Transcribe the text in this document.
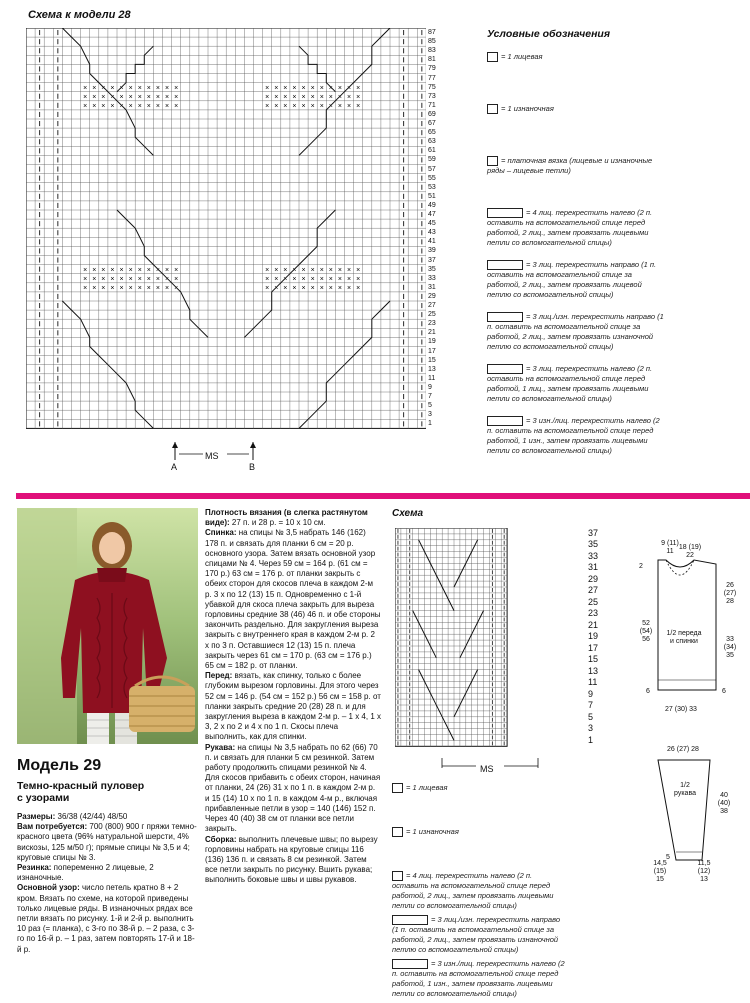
Схема к модели 28
× × × × × × × × × × ×
× × × × × × × × × × ×
× × × × × × × × × × ×
× × × × × × × × × × ×
× × × × × × × × × × ×
× × × × × × × × × × ×
× × × × × × × × × × ×
× × × × × × × × × × ×
× × × × × × × × × × ×
× × × × × × × × × × ×
× × × × × × × × × × ×
× × × × × × × × × × ×
1
3
5
7
9
11
13
15
17
19
21
23
25
27
29
31
33
35
37
39
41
43
45
47
49
51
53
55
57
59
61
63
65
67
69
71
73
75
77
79
81
83
85
87
MS
A	B
Условные обозначения
= 1 лицевая
= 1 изнаночная
= платочная вязка (лицевые и изнаночные ряды – лицевые петли)
= 4 лиц. перекрестить налево (2 п. оставить на вспомогательной спице перед работой, 2 лиц., затем провязать лицевыми петли со вспомогательной спицы)
= 3 лиц. перекрестить направо (1 п. оставить на вспомогательной спице за работой, 2 лиц., затем провязать лицевой петлю со вспомогательной спицы)
= 3 лиц./изн. перекрестить направо (1 п. оставить на вспомогательной спице за работой, 2 лиц., затем провязать изнаночной петлю со вспомогательной спицы)
= 3 лиц. перекрестить налево (2 п. оставить на вспомогательной спице перед работой, 1 лиц., затем провязать лицевыми петли со вспомогательной спицы)
= 3 изн./лиц. перекрестить налево (2 п. оставить на вспомогательной спице перед работой, 1 изн., затем провязать лицевыми петли со вспомогательной спицы)
Модель 29
Темно-красный пуловер
с узорами
Размеры: 36/38 (42/44) 48/50
Вам потребуется: 700 (800) 900 г пряжи темно-красного цвета (96% натуральной шерсти, 4% вискозы, 125 м/50 г); прямые спицы № 3,5 и 4; круговые спицы № 3.
Резинка: попеременно 2 лицевые, 2 изнаночные.
Основной узор: число петель кратно 8 + 2 кром. Вязать по схеме, на которой приведены только лицевые ряды. В изнаночных рядах все петли вязать по рисунку. 1-й и 2-й р. выполнить 10 раз (= планка), с 3-го по 38-й р. – 2 раза, с 3-го по 16-й р. – 1 раз, затем повторять 17-й и 18-й р.
Плотность вязания (в слегка растянутом виде): 27 п. и 28 р. = 10 х 10 см.
Спинка: на спицы № 3,5 набрать 146 (162) 178 п. и связать для планки 6 см = 20 р. основного узора. Затем вязать основной узор спицами № 4. Через 59 см = 164 р. (61 см = 170 р.) 63 см = 176 р. от планки закрыть с обеих сторон для скосов плеча в каждом 2-м р. 3 х по 12 (13) 15 п. Одновременно с 1-й убавкой для скоса плеча закрыть для выреза горловины средние 38 (46) 46 п. и обе стороны закончить раздельно. Для закругления выреза закрыть с внутреннего края в каждом 2-м р. 2 х по 3 п. Оставшиеся 12 (13) 15 п. плеча закрыть через 61 см = 170 р. (63 см = 176 р.) 65 см = 182 р. от планки.
Перед: вязать, как спинку, только с более глубоким вырезом горловины. Для этого через 52 см = 146 р. (54 см = 152 р.) 56 см = 158 р. от планки закрыть средние 20 (28) 28 п. и для закругления выреза в каждом 2-м р. – 1 х 4, 1 х 3, 2 х по 2 и 4 х по 1 п. Скосы плеча выполнить, как для спинки.
Рукава: на спицы № 3,5 набрать по 62 (66) 70 п. и связать для планки 5 см резинкой. Затем работу продолжить спицами резинкой № 4. Для скосов прибавить с обеих сторон, начиная от планки, 24 (26) 31 х по 1 п. в каждом 2-м р. и 15 (14) 10 х по 1 п. в каждом 4-м р., включая прибавленные петли в узор = 140 (146) 152 п. Через 40 (40) 38 см от планки все петли закрыть.
Сборка: выполнить плечевые швы; по вырезу горловины набрать на круговые спицы 116 (136) 136 п. и связать 8 см резинкой. Затем все петли закрыть по рисунку. Вшить рукава; выполнить боковые швы и швы рукавов.
Схема
1
3
5
7
9
11
13
15
17
19
21
23
25
27
29
31
33
35
37
MS
= 1 лицевая
= 1 изнаночная
= 4 лиц. перекрестить налево (2 п. оставить на вспомогательной спице перед работой, 2 лиц., затем провязать лицевыми петли со вспомогательной спицы)
= 3 лиц./изн. перекрестить направо (1 п. оставить на вспомогательной спице за работой, 2 лиц., затем провязать изнаночной петлю со вспомогательной спицы)
= 3 изн./лиц. перекрестить налево (2 п. оставить на вспомогательной спице перед работой, 1 изн., затем провязать лицевыми петли со вспомогательной спицы)
9 (11) 11
18 (19) 22
2
26 (27) 28
52 (54) 56
1/2 переда и спинки	33 (34) 35
6	6
27 (30) 33
26 (27) 28
1/2 рукава	40 (40) 38
5
14,5 (15) 15
11,5 (12) 13
